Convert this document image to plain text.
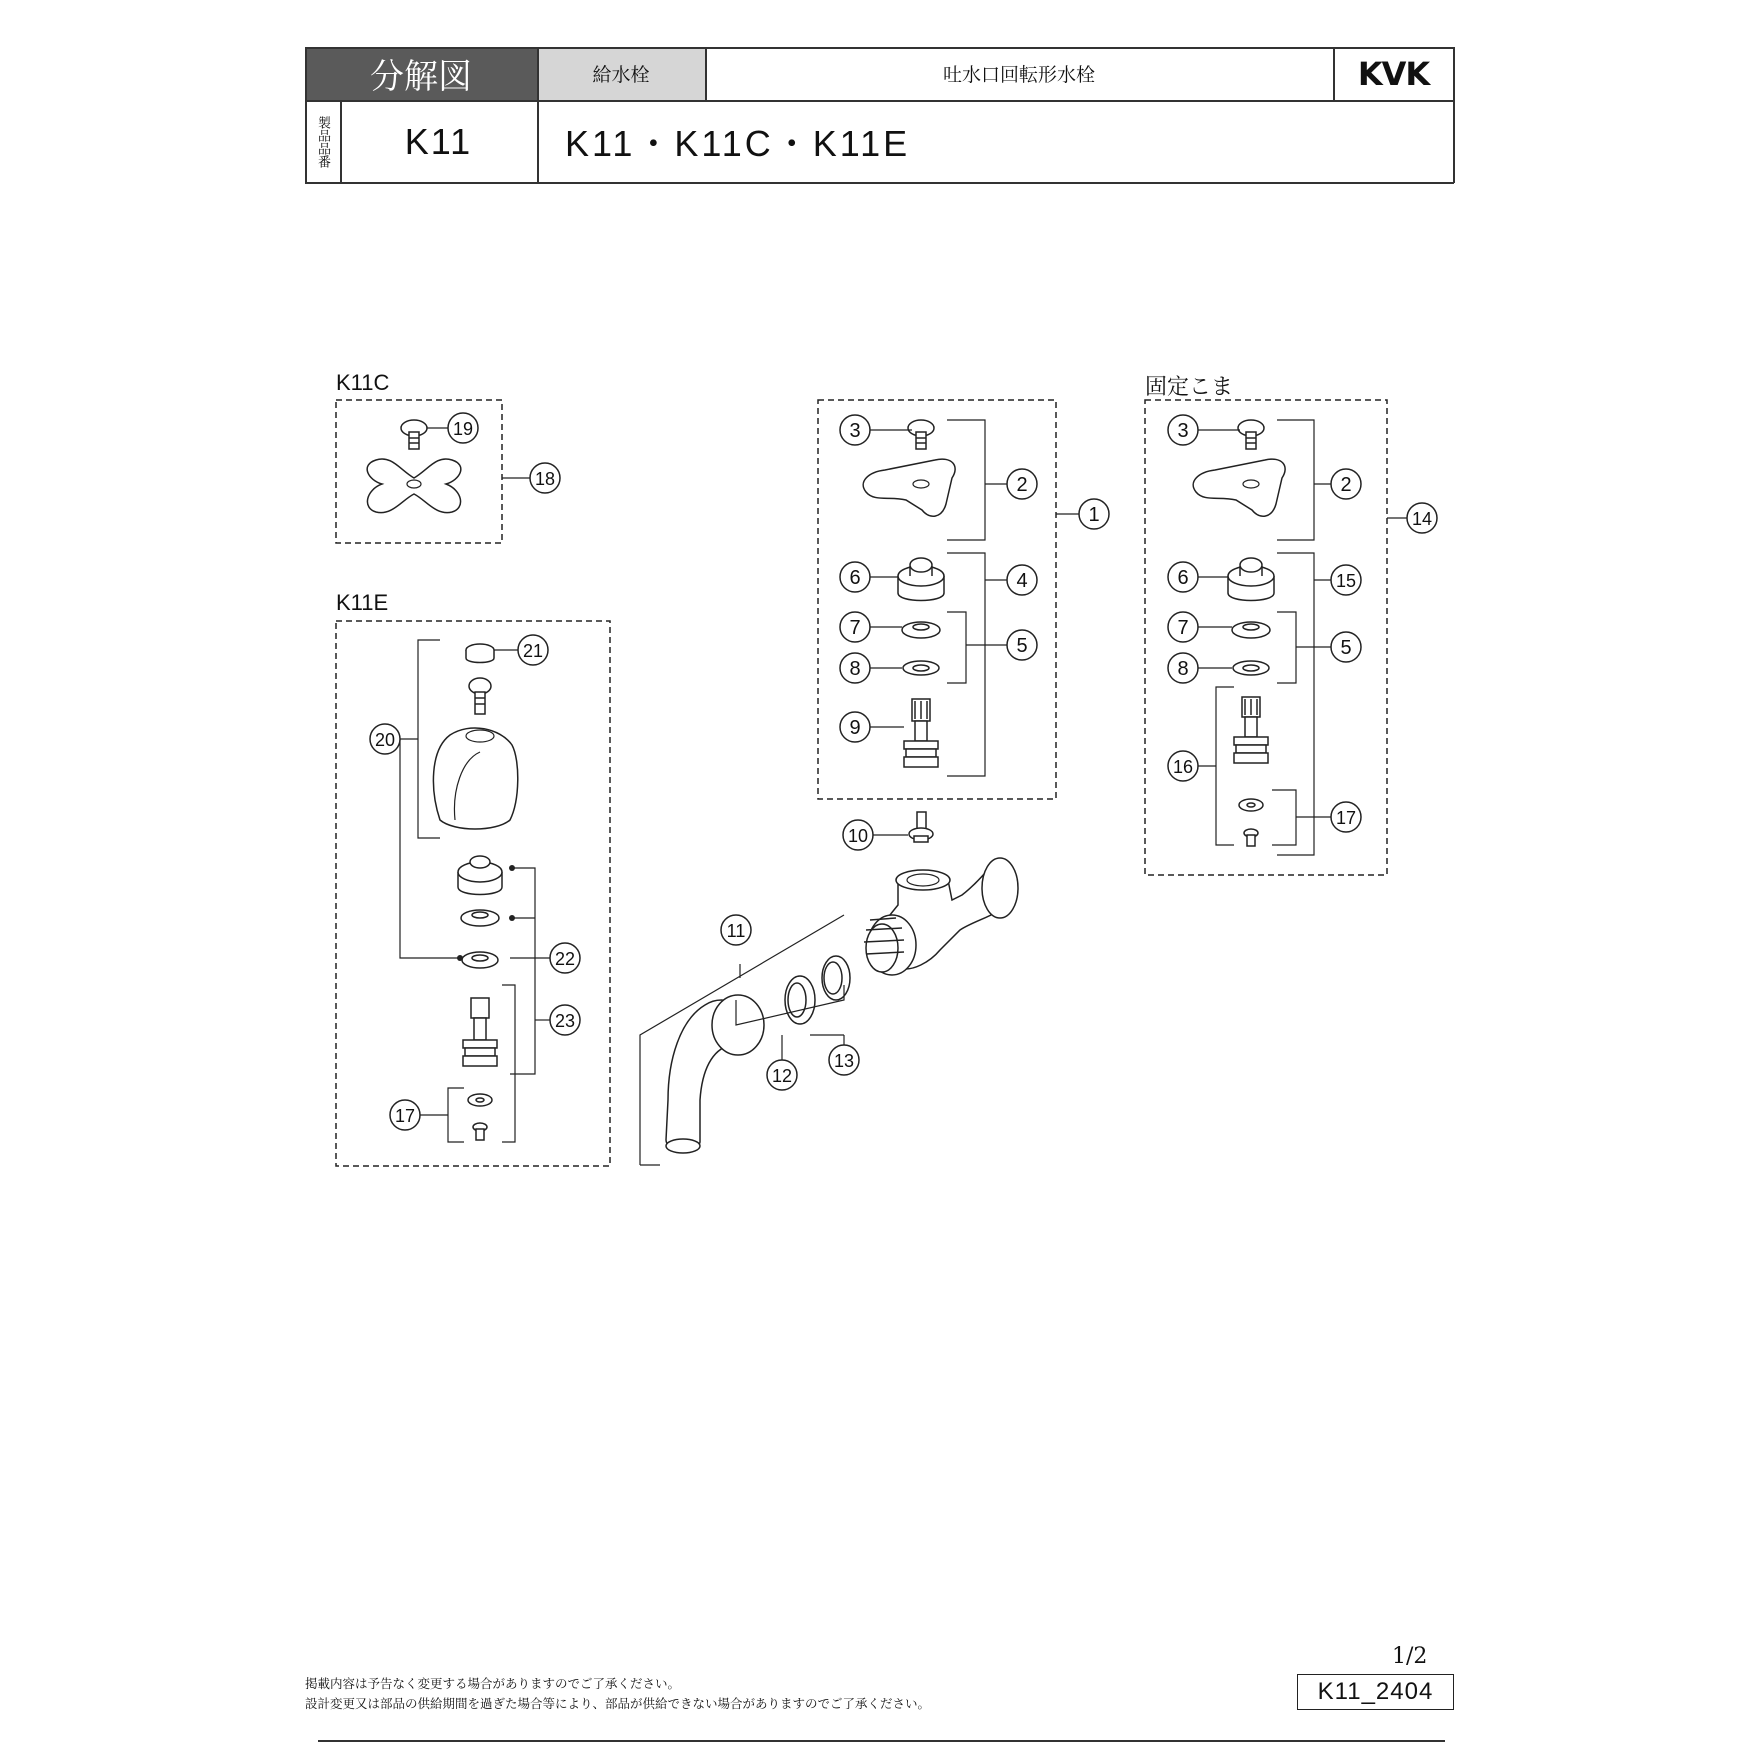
分解図	給水栓	吐水口回転形水栓	KVK
製品品番	K11	K11・K11C・K11E
K11C
K11E
固定こま
1
2
3
4
5
6
7
8
9
10
11
12
13
14
2
3
15
5
6
7
8
16
17
18
19
20
21
22
23
17
掲載内容は予告なく変更する場合がありますのでご了承ください。
設計変更又は部品の供給期間を過ぎた場合等により、部品が供給できない場合がありますのでご了承ください。
1/2
K11_2404
